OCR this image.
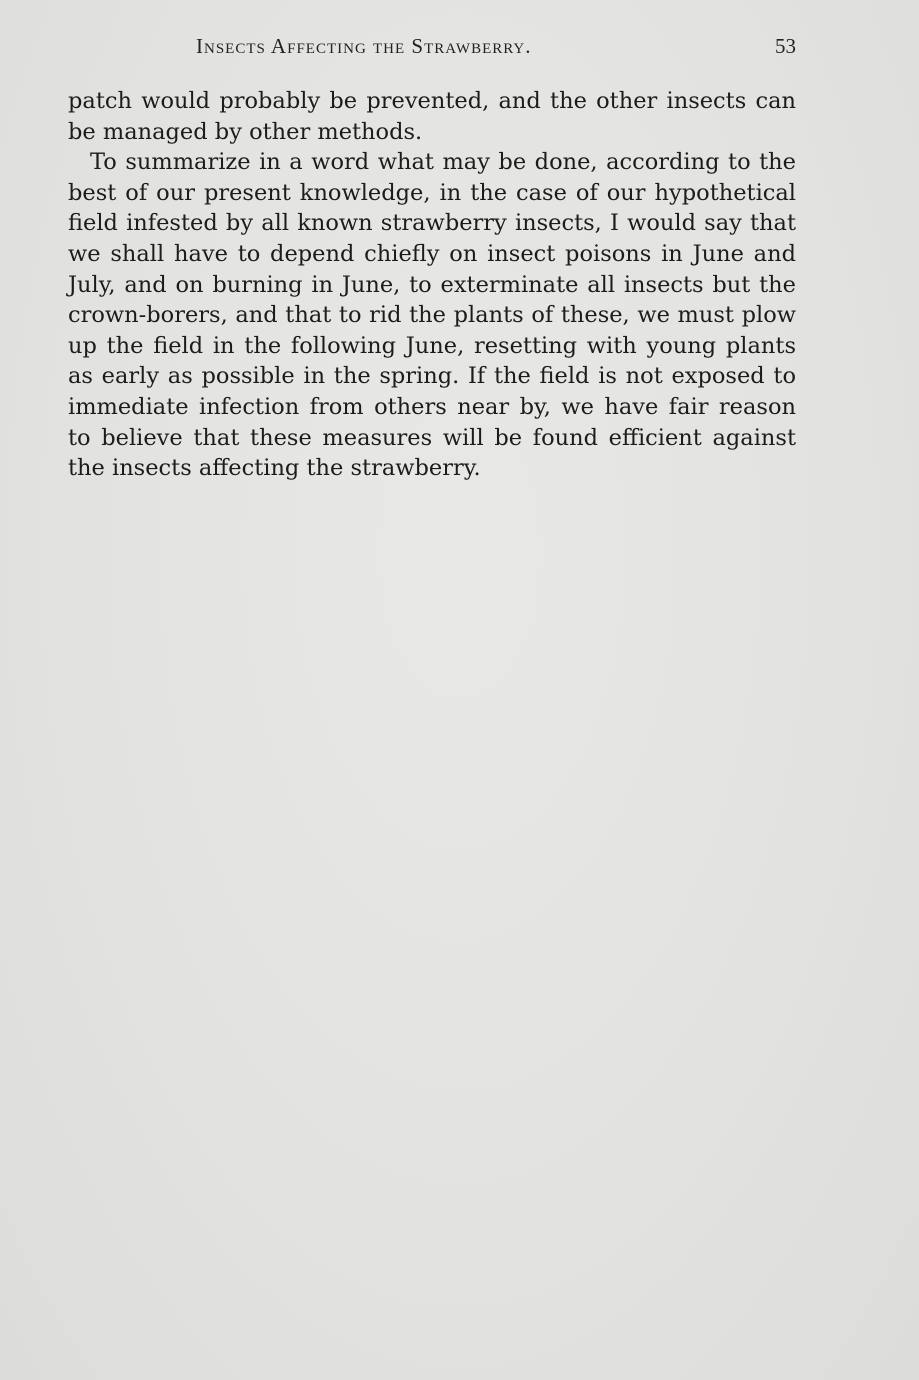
Insects Affecting the Strawberry.	53

patch would probably be prevented, and the other insects can be managed by other methods.

To summarize in a word what may be done, according to the best of our present knowledge, in the case of our hypothetical field infested by all known strawberry insects, I would say that we shall have to depend chiefly on insect poisons in June and July, and on burning in June, to exterminate all insects but the crown-borers, and that to rid the plants of these, we must plow up the field in the following June, resetting with young plants as early as possible in the spring. If the field is not exposed to immediate infection from others near by, we have fair reason to believe that these measures will be found efficient against the insects affecting the strawberry.
